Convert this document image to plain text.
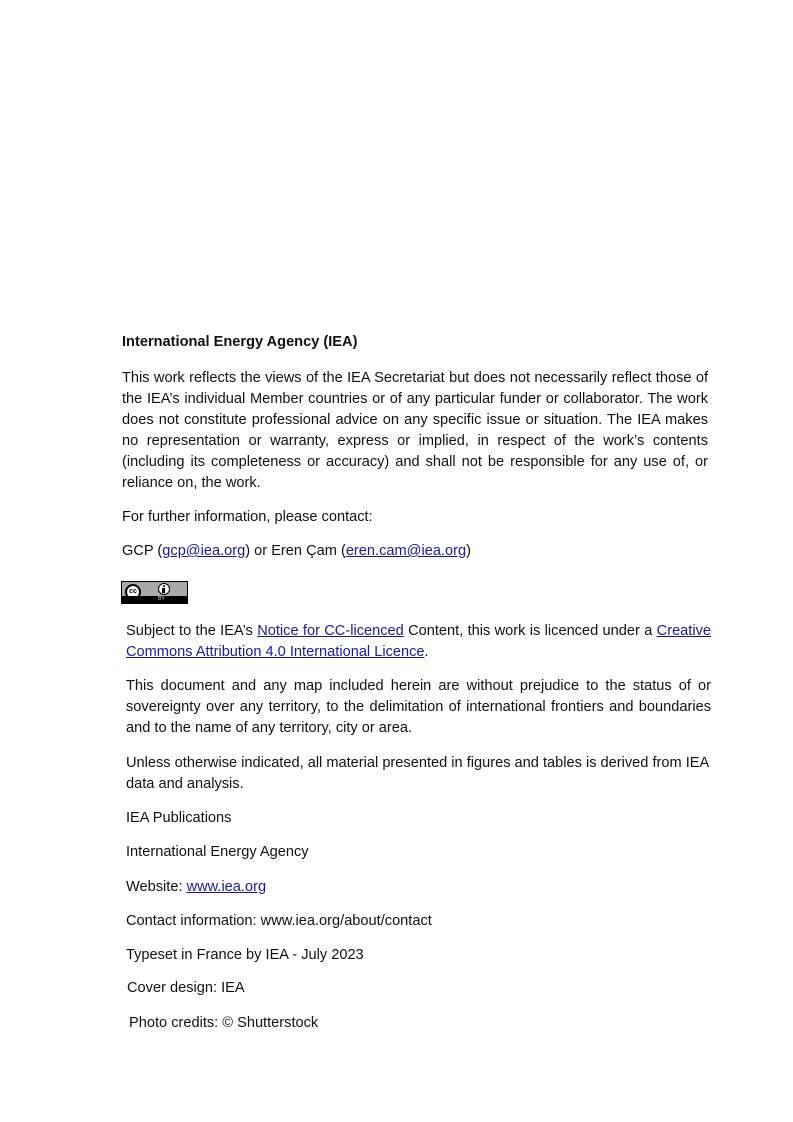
International Energy Agency (IEA)
This work reflects the views of the IEA Secretariat but does not necessarily reflect those of the IEA’s individual Member countries or of any particular funder or collaborator. The work does not constitute professional advice on any specific issue or situation. The IEA makes no representation or warranty, express or implied, in respect of the work’s contents (including its completeness or accuracy) and shall not be responsible for any use of, or reliance on, the work.
For further information, please contact:
GCP (gcp@iea.org) or Eren Çam (eren.cam@iea.org)
cc
BY
Subject to the IEA’s Notice for CC-licenced Content, this work is licenced under a Creative Commons Attribution 4.0 International Licence.
This document and any map included herein are without prejudice to the status of or sovereignty over any territory, to the delimitation of international frontiers and boundaries and to the name of any territory, city or area.
Unless otherwise indicated, all material presented in figures and tables is derived from IEA data and analysis.
IEA Publications
International Energy Agency
Website: www.iea.org
Contact information: www.iea.org/about/contact
Typeset in France by IEA - July 2023
Cover design: IEA
Photo credits: © Shutterstock
